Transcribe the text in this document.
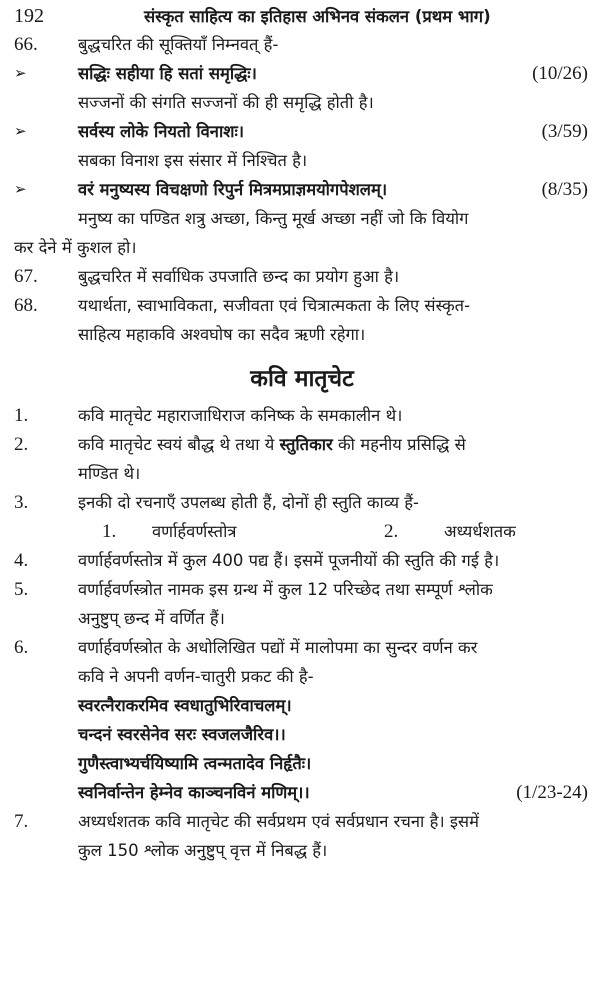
192	संस्कृत साहित्य का इतिहास अभिनव संकलन (प्रथम भाग)
66.	बुद्धचरित की सूक्तियाँ निम्नवत् हैं-
➢	सद्धिः सहीया हि सतां समृद्धिः।	(10/26)
सज्जनों की संगति सज्जनों की ही समृद्धि होती है।
➢	सर्वस्य लोके नियतो विनाशः।	(3/59)
सबका विनाश इस संसार में निश्चित है।
➢	वरं मनुष्यस्य विचक्षणो रिपुर्न मित्रमप्राज्ञमयोगपेशलम्।	(8/35)
मनुष्य का पण्डित शत्रु अच्छा, किन्तु मूर्ख अच्छा नहीं जो कि वियोग
कर देने में कुशल हो।
67.	बुद्धचरित में सर्वाधिक उपजाति छन्द का प्रयोग हुआ है।
68.	यथार्थता, स्वाभाविकता, सजीवता एवं चित्रात्मकता के लिए संस्कृत-
साहित्य महाकवि अश्वघोष का सदैव ऋणी रहेगा।
कवि मातृचेट
1.	कवि मातृचेट महाराजाधिराज कनिष्क के समकालीन थे।
2.	कवि मातृचेट स्वयं बौद्ध थे तथा ये स्तुतिकार की महनीय प्रसिद्धि से
मण्डित थे।
3.	इनकी दो रचनाएँ उपलब्ध होती हैं, दोनों ही स्तुति काव्य हैं-
1.	वर्णार्हवर्णस्तोत्र	2.	अध्यर्धशतक
4.	वर्णार्हवर्णस्तोत्र में कुल 400 पद्य हैं। इसमें पूजनीयों की स्तुति की गई है।
5.	वर्णार्हवर्णस्त्रोत नामक इस ग्रन्थ में कुल 12 परिच्छेद तथा सम्पूर्ण श्लोक
अनुष्टुप् छन्द में वर्णित हैं।
6.	वर्णार्हवर्णस्त्रोत के अधोलिखित पद्यों में मालोपमा का सुन्दर वर्णन कर
कवि ने अपनी वर्णन-चातुरी प्रकट की है-
स्वरत्नैराकरमिव स्वधातुभिरिवाचलम्।
चन्दनं स्वरसेनेव सरः स्वजलजैरिव।।
गुणैस्त्वाभ्यर्चयिष्यामि त्वन्मतादेव निर्हृतैः।
स्वनिर्वान्तेन हेम्नेव काञ्चनविनं मणिम्।।	(1/23-24)
7.	अध्यर्धशतक कवि मातृचेट की सर्वप्रथम एवं सर्वप्रधान रचना है। इसमें
कुल 150 श्लोक अनुष्टुप् वृत्त में निबद्ध हैं।
